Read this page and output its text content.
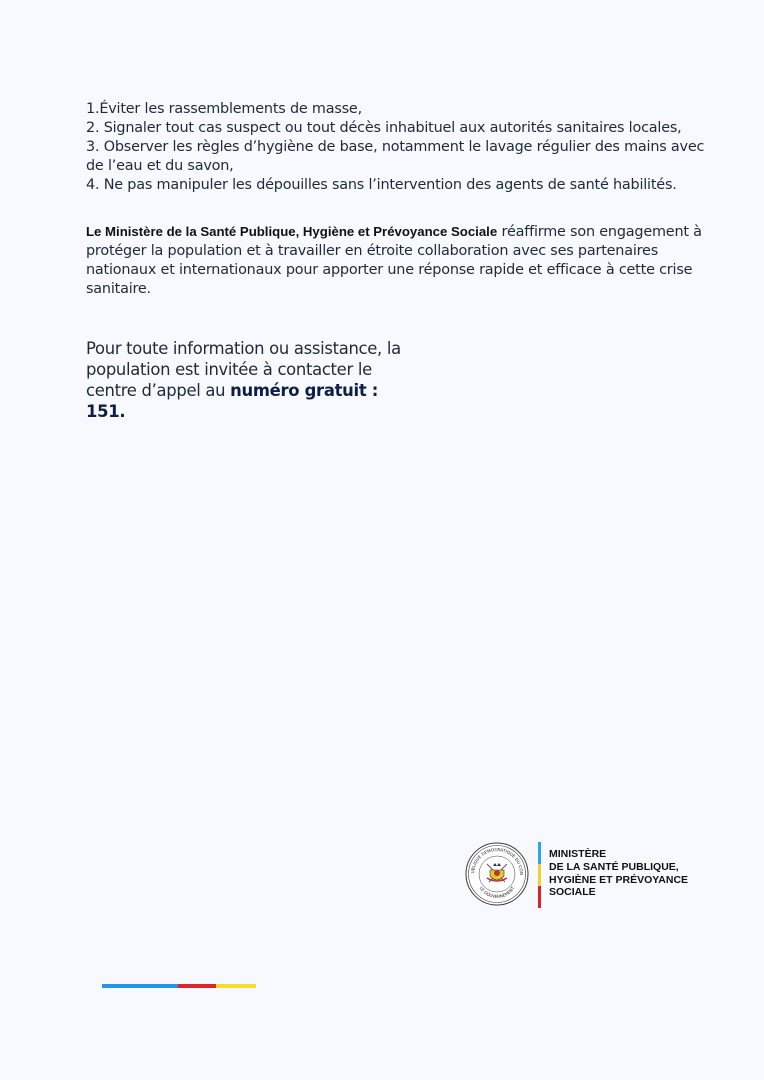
1.Éviter les rassemblements de masse,

2. Signaler tout cas suspect ou tout décès inhabituel aux autorités sanitaires locales,

3. Observer les règles d’hygiène de base, notamment le lavage régulier des mains avec de l’eau et du savon,

4. Ne pas manipuler les dépouilles sans l’intervention des agents de santé habilités.

Le Ministère de la Santé Publique, Hygiène et Prévoyance Sociale réaffirme son engagement à protéger la population et à travailler en étroite collaboration avec ses partenaires nationaux et internationaux pour apporter une réponse rapide et efficace à cette crise sanitaire.
Pour toute information ou assistance, la population est invitée à contacter le centre d’appel au numéro gratuit : 151.
UBLIQUE DÉMOCRATIQUE DU CON
LE GOUVERNEMENT
MINISTÈRE
DE LA SANTÉ PUBLIQUE,
HYGIÈNE ET PRÉVOYANCE
SOCIALE
